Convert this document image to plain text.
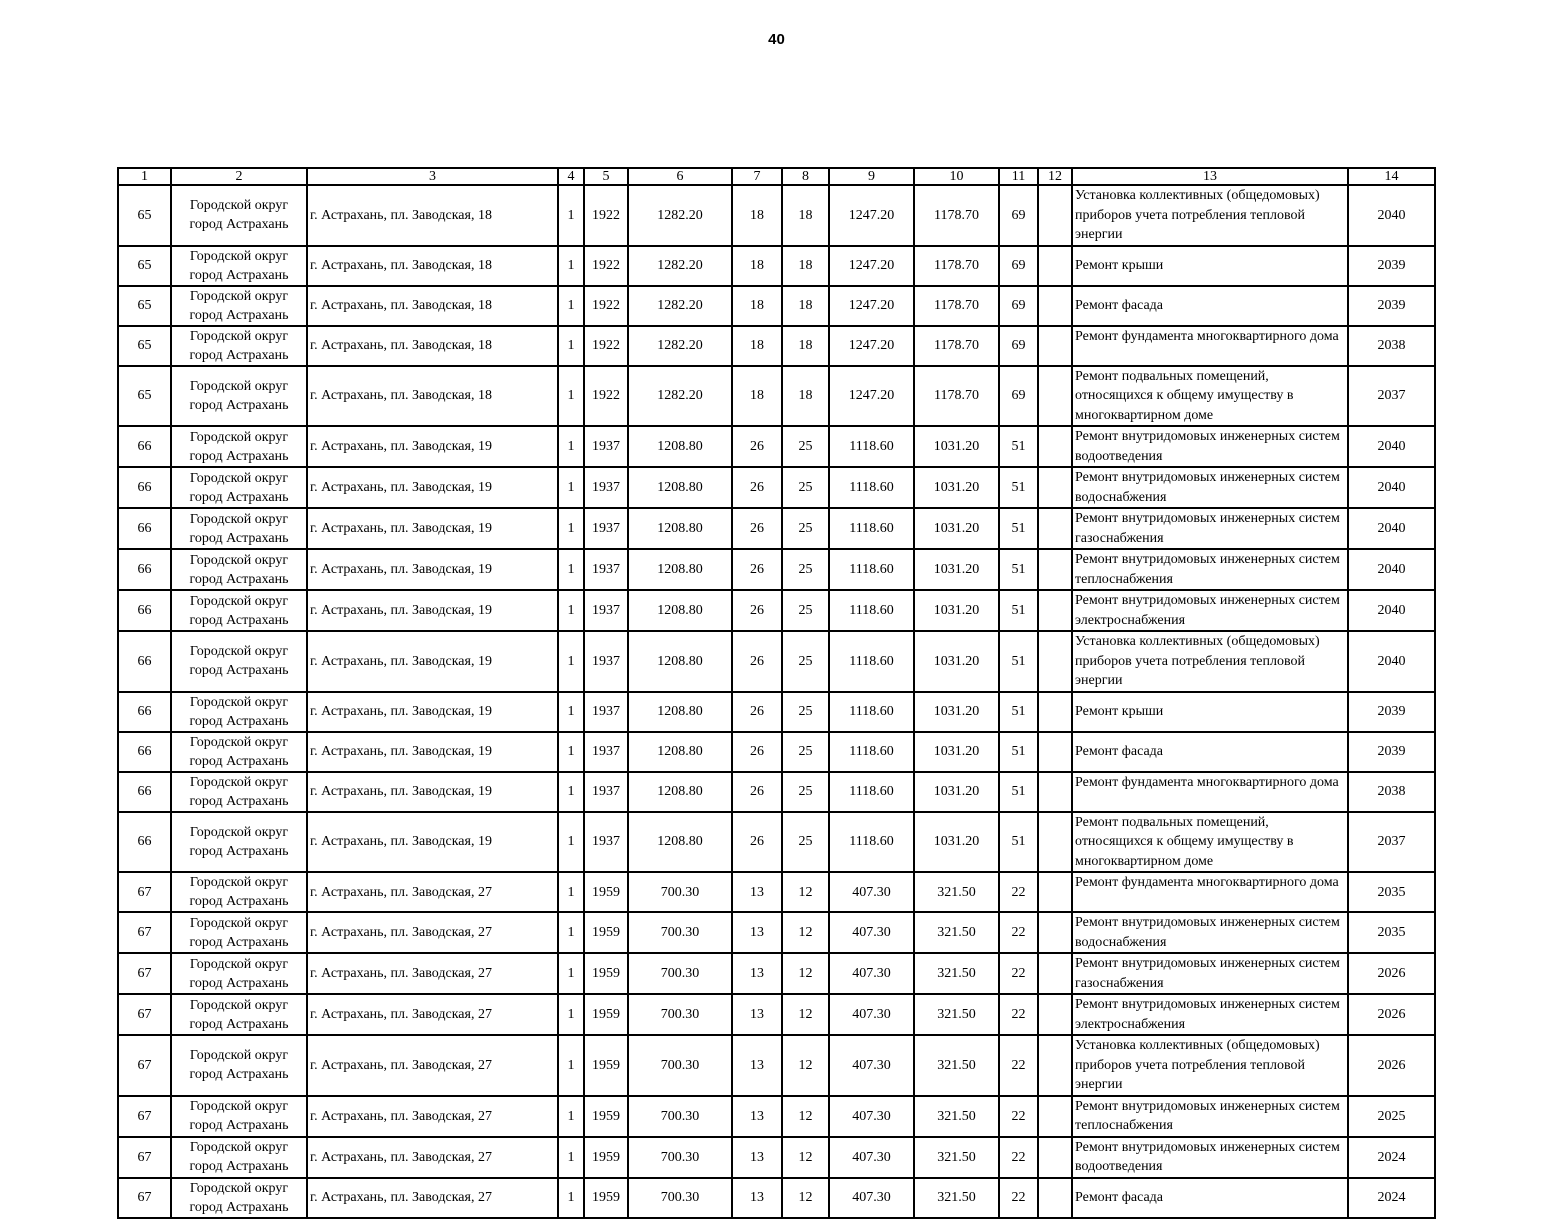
40
1	2	3	4	5	6	7	8	9	10	11	12	13	14
65	Городской округ город Астрахань	г. Астрахань, пл. Заводская, 18	1	1922	1282.20	18	18	1247.20	1178.70	69		Установка коллективных (общедомовых) приборов учета потребления тепловой энергии	2040
65	Городской округ город Астрахань	г. Астрахань, пл. Заводская, 18	1	1922	1282.20	18	18	1247.20	1178.70	69		Ремонт крыши	2039
65	Городской округ город Астрахань	г. Астрахань, пл. Заводская, 18	1	1922	1282.20	18	18	1247.20	1178.70	69		Ремонт фасада	2039
65	Городской округ город Астрахань	г. Астрахань, пл. Заводская, 18	1	1922	1282.20	18	18	1247.20	1178.70	69		Ремонт фундамента многоквартирного дома	2038
65	Городской округ город Астрахань	г. Астрахань, пл. Заводская, 18	1	1922	1282.20	18	18	1247.20	1178.70	69		Ремонт подвальных помещений, относящихся к общему имуществу в многоквартирном доме	2037
66	Городской округ город Астрахань	г. Астрахань, пл. Заводская, 19	1	1937	1208.80	26	25	1118.60	1031.20	51		Ремонт внутридомовых инженерных систем водоотведения	2040
66	Городской округ город Астрахань	г. Астрахань, пл. Заводская, 19	1	1937	1208.80	26	25	1118.60	1031.20	51		Ремонт внутридомовых инженерных систем водоснабжения	2040
66	Городской округ город Астрахань	г. Астрахань, пл. Заводская, 19	1	1937	1208.80	26	25	1118.60	1031.20	51		Ремонт внутридомовых инженерных систем газоснабжения	2040
66	Городской округ город Астрахань	г. Астрахань, пл. Заводская, 19	1	1937	1208.80	26	25	1118.60	1031.20	51		Ремонт внутридомовых инженерных систем теплоснабжения	2040
66	Городской округ город Астрахань	г. Астрахань, пл. Заводская, 19	1	1937	1208.80	26	25	1118.60	1031.20	51		Ремонт внутридомовых инженерных систем электроснабжения	2040
66	Городской округ город Астрахань	г. Астрахань, пл. Заводская, 19	1	1937	1208.80	26	25	1118.60	1031.20	51		Установка коллективных (общедомовых) приборов учета потребления тепловой энергии	2040
66	Городской округ город Астрахань	г. Астрахань, пл. Заводская, 19	1	1937	1208.80	26	25	1118.60	1031.20	51		Ремонт крыши	2039
66	Городской округ город Астрахань	г. Астрахань, пл. Заводская, 19	1	1937	1208.80	26	25	1118.60	1031.20	51		Ремонт фасада	2039
66	Городской округ город Астрахань	г. Астрахань, пл. Заводская, 19	1	1937	1208.80	26	25	1118.60	1031.20	51		Ремонт фундамента многоквартирного дома	2038
66	Городской округ город Астрахань	г. Астрахань, пл. Заводская, 19	1	1937	1208.80	26	25	1118.60	1031.20	51		Ремонт подвальных помещений, относящихся к общему имуществу в многоквартирном доме	2037
67	Городской округ город Астрахань	г. Астрахань, пл. Заводская, 27	1	1959	700.30	13	12	407.30	321.50	22		Ремонт фундамента многоквартирного дома	2035
67	Городской округ город Астрахань	г. Астрахань, пл. Заводская, 27	1	1959	700.30	13	12	407.30	321.50	22		Ремонт внутридомовых инженерных систем водоснабжения	2035
67	Городской округ город Астрахань	г. Астрахань, пл. Заводская, 27	1	1959	700.30	13	12	407.30	321.50	22		Ремонт внутридомовых инженерных систем газоснабжения	2026
67	Городской округ город Астрахань	г. Астрахань, пл. Заводская, 27	1	1959	700.30	13	12	407.30	321.50	22		Ремонт внутридомовых инженерных систем электроснабжения	2026
67	Городской округ город Астрахань	г. Астрахань, пл. Заводская, 27	1	1959	700.30	13	12	407.30	321.50	22		Установка коллективных (общедомовых) приборов учета потребления тепловой энергии	2026
67	Городской округ город Астрахань	г. Астрахань, пл. Заводская, 27	1	1959	700.30	13	12	407.30	321.50	22		Ремонт внутридомовых инженерных систем теплоснабжения	2025
67	Городской округ город Астрахань	г. Астрахань, пл. Заводская, 27	1	1959	700.30	13	12	407.30	321.50	22		Ремонт внутридомовых инженерных систем водоотведения	2024
67	Городской округ город Астрахань	г. Астрахань, пл. Заводская, 27	1	1959	700.30	13	12	407.30	321.50	22		Ремонт фасада	2024
